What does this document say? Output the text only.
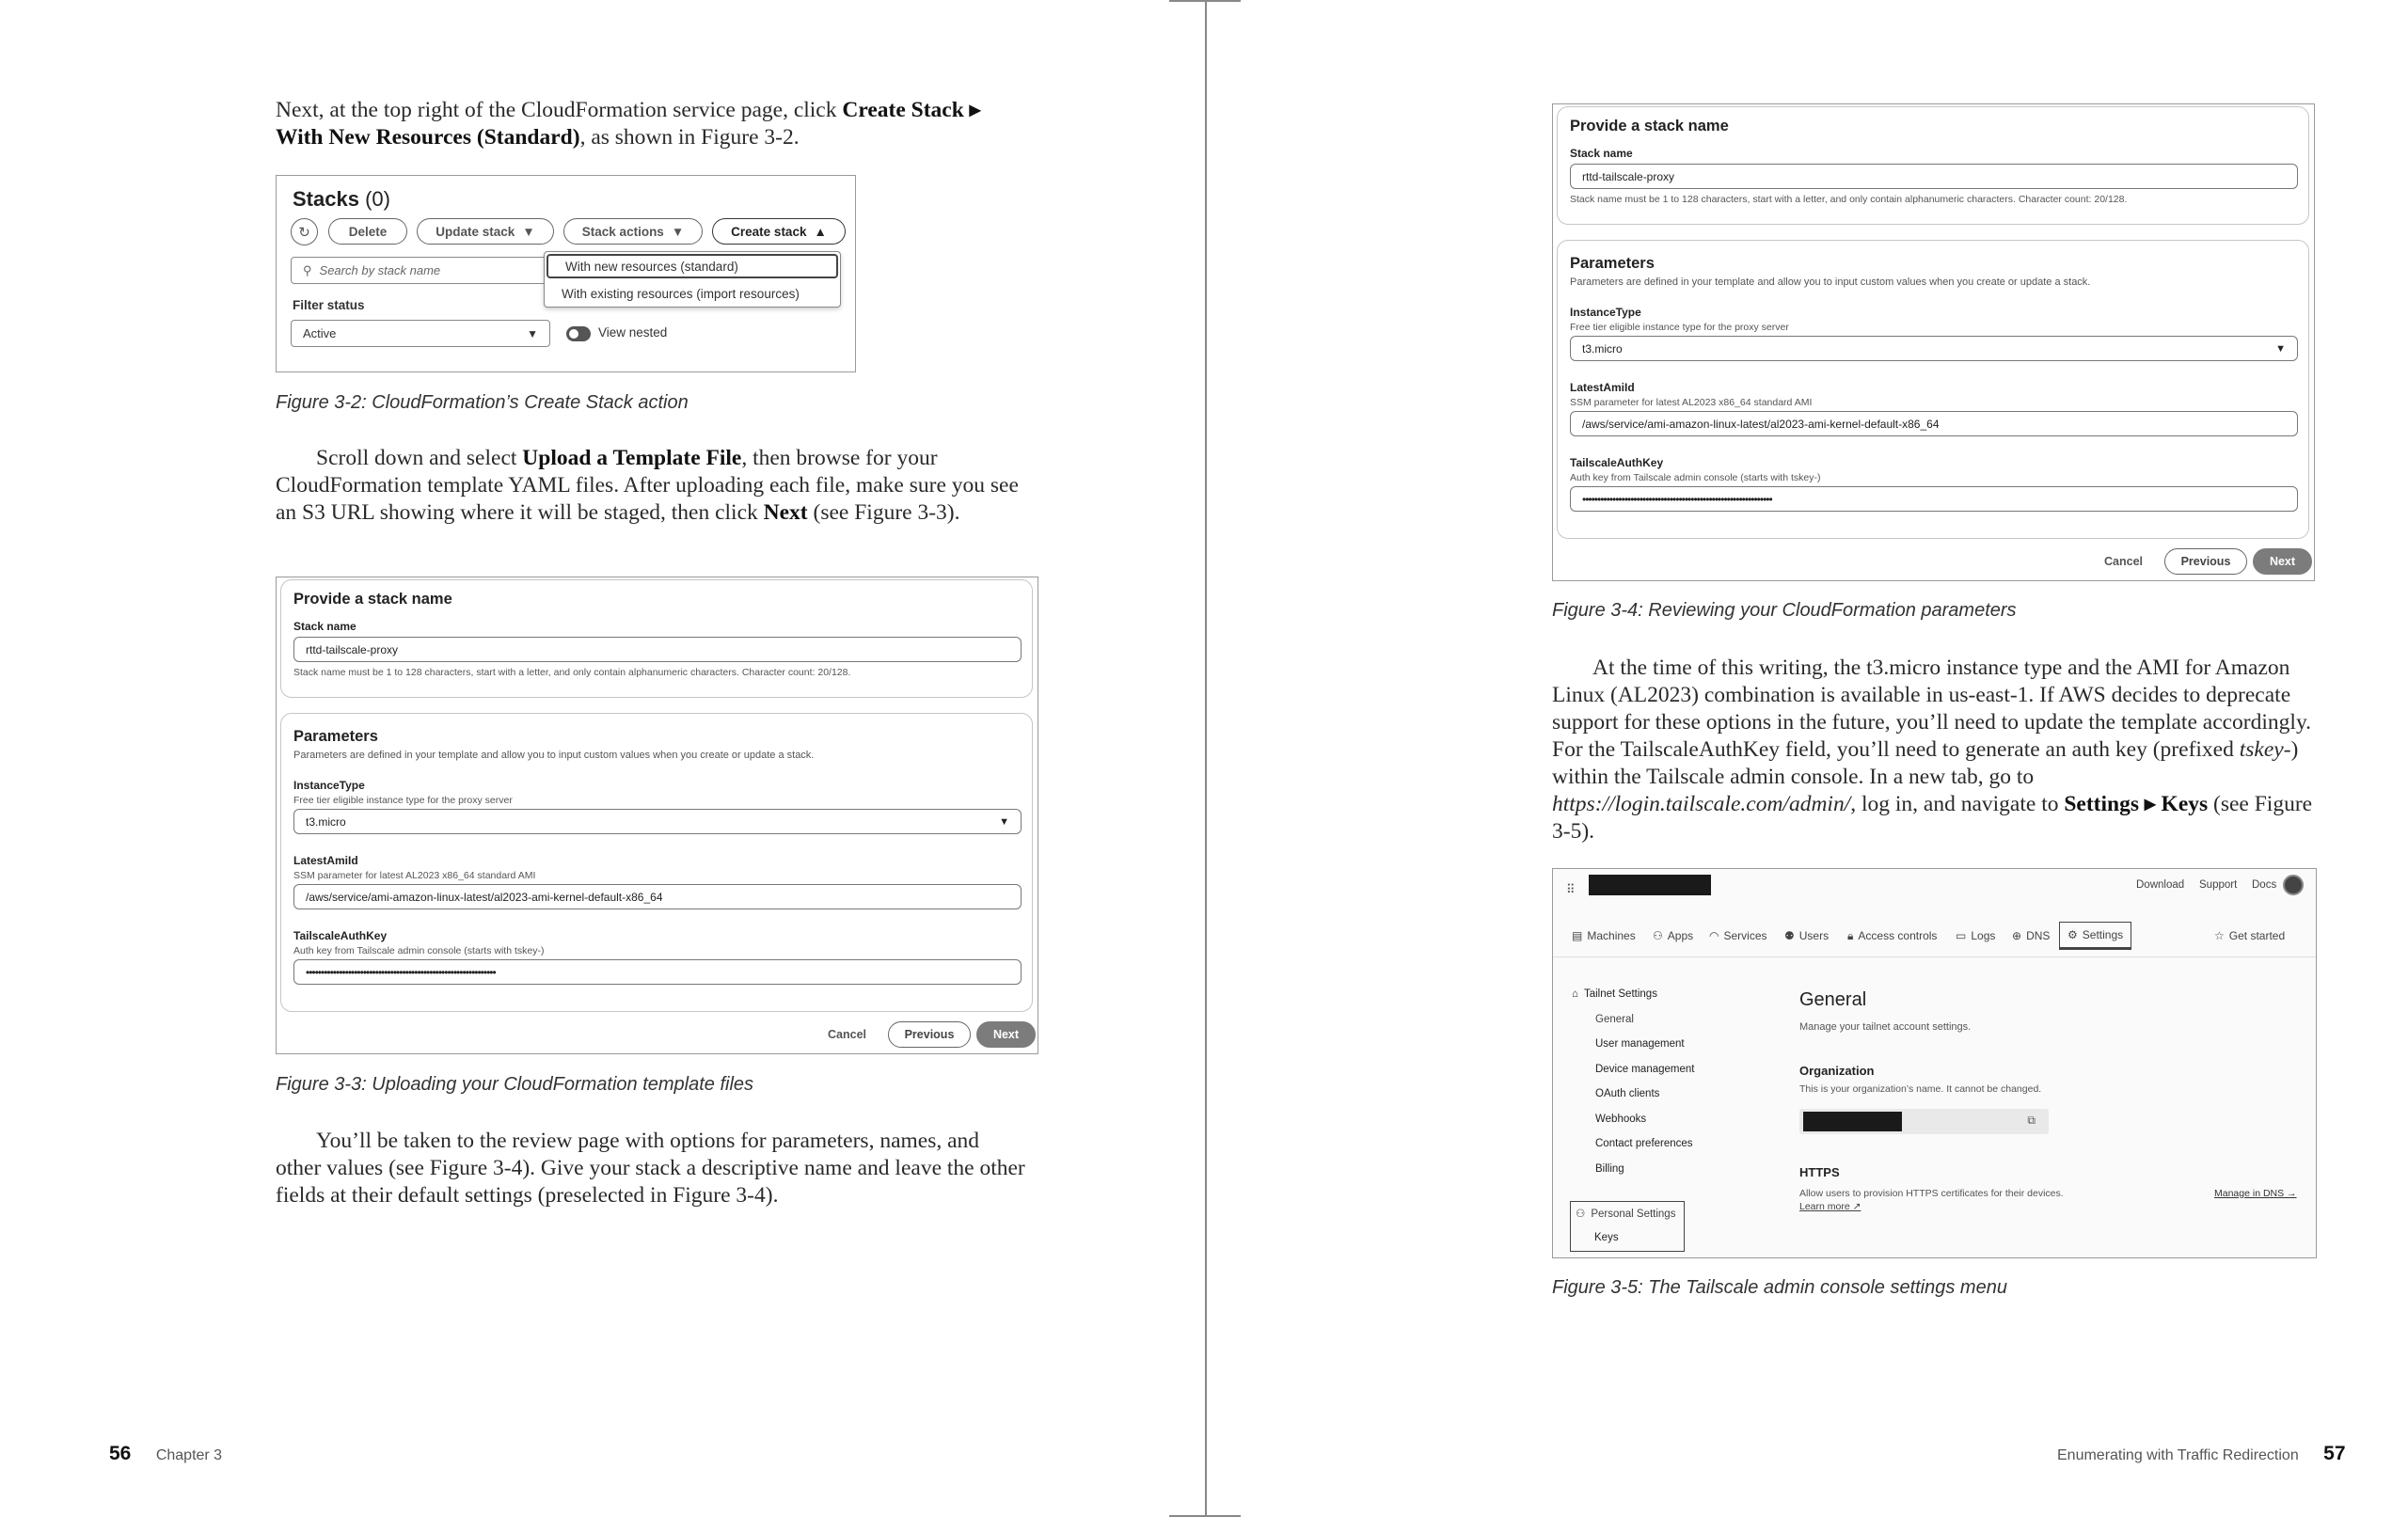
Next, at the top right of the CloudFormation service page, click Create Stack ▸ With New Resources (Standard), as shown in Figure 3-2.

Stacks (0)
↻	Delete	Update stack ▼	Stack actions ▼	Create stack ▲
⚲ Search by stack name	With new resources (standard)
With existing resources (import resources)
Filter status
Active	▼	View nested
Figure 3-2: CloudFormation’s Create Stack action

Scroll down and select Upload a Template File, then browse for your CloudFormation template YAML files. After uploading each file, make sure you see an S3 URL showing where it will be staged, then click Next (see Figure 3-3).

Provide a stack name
Stack name
rttd-tailscale-proxy
Stack name must be 1 to 128 characters, start with a letter, and only contain alphanumeric characters. Character count: 20/128.
Parameters
Parameters are defined in your template and allow you to input custom values when you create or update a stack.
InstanceType
Free tier eligible instance type for the proxy server
t3.micro	▼
LatestAmiId
SSM parameter for latest AL2023 x86_64 standard AMI
/aws/service/ami-amazon-linux-latest/al2023-ami-kernel-default-x86_64
TailscaleAuthKey
Auth key from Tailscale admin console (starts with tskey-)
•••••••••••••••••••••••••••••••••••••••••••••••••••••••••••••••
Cancel	Previous	Next
Figure 3-3: Uploading your CloudFormation template files

You’ll be taken to the review page with options for parameters, names, and other values (see Figure 3-4). Give your stack a descriptive name and leave the other fields at their default settings (preselected in Figure 3-4).

56 Chapter 3
Provide a stack name
Stack name
rttd-tailscale-proxy
Stack name must be 1 to 128 characters, start with a letter, and only contain alphanumeric characters. Character count: 20/128.
Parameters
Parameters are defined in your template and allow you to input custom values when you create or update a stack.
InstanceType
Free tier eligible instance type for the proxy server
t3.micro	▼
LatestAmiId
SSM parameter for latest AL2023 x86_64 standard AMI
/aws/service/ami-amazon-linux-latest/al2023-ami-kernel-default-x86_64
TailscaleAuthKey
Auth key from Tailscale admin console (starts with tskey-)
•••••••••••••••••••••••••••••••••••••••••••••••••••••••••••••••
Cancel	Previous	Next
Figure 3-4: Reviewing your CloudFormation parameters

At the time of this writing, the t3.micro instance type and the AMI for Amazon Linux (AL2023) combination is available in us-east-1. If AWS decides to deprecate support for these options in the future, you’ll need to update the template accordingly. For the TailscaleAuthKey field, you’ll need to generate an auth key (prefixed tskey-) within the Tailscale admin console. In a new tab, go to https://login.tailscale.com/admin/, log in, and navigate to Settings ▸ Keys (see Figure 3-5).

⠿	Download Support Docs
▤ Machines ⚇ Apps ◠ Services ⚉ Users 🔒︎ Access controls ▭ Logs ⊕ DNS ⚙ Settings	☆ Get started
⌂ Tailnet Settings
General
User management
Device management
OAuth clients
Webhooks
Contact preferences
Billing
⚇ Personal Settings
Keys
General
Manage your tailnet account settings.
Organization
This is your organization’s name. It cannot be changed.
⧉
HTTPS
Allow users to provision HTTPS certificates for their devices.
Learn more ↗
Manage in DNS →
Figure 3-5: The Tailscale admin console settings menu
Enumerating with Traffic Redirection 57
